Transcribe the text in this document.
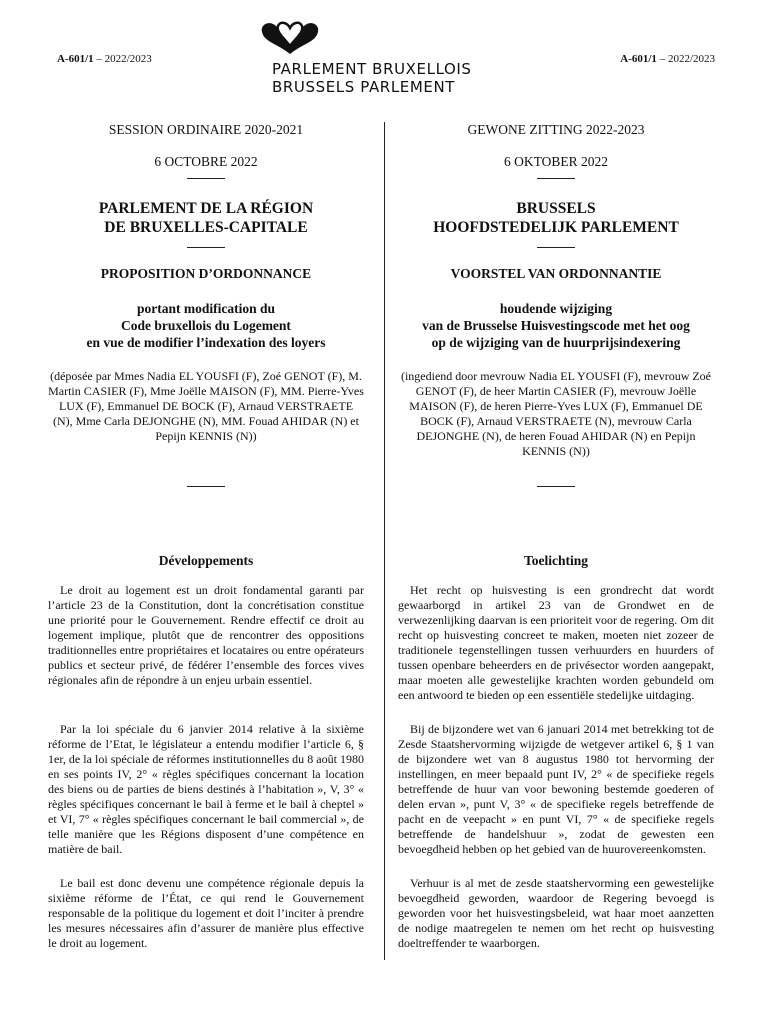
A-601/1 – 2022/2023	A-601/1 – 2022/2023
PARLEMENT BRUXELLOIS
BRUSSELS PARLEMENT
SESSION ORDINAIRE 2020-2021
6 OCTOBRE 2022
PARLEMENT DE LA RÉGION
DE BRUXELLES-CAPITALE
PROPOSITION D’ORDONNANCE
portant modification du
Code bruxellois du Logement
en vue de modifier l’indexation des loyers
(déposée par Mmes Nadia EL YOUSFI (F), Zoé GENOT (F), M. Martin CASIER (F), Mme Joëlle MAISON (F), MM. Pierre-Yves LUX (F), Emmanuel DE BOCK (F), Arnaud VERSTRAETE (N), Mme Carla DEJONGHE (N), MM. Fouad AHIDAR (N) et Pepijn KENNIS (N))
Développements
Le droit au logement est un droit fondamental garanti par l’article 23 de la Constitution, dont la concrétisation constitue une priorité pour le Gouvernement. Rendre effectif ce droit au logement implique, plutôt que de rencontrer des oppositions traditionnelles entre propriétaires et locataires ou entre opérateurs publics et secteur privé, de fédérer l’ensemble des forces vives régionales afin de répondre à un enjeu urbain essentiel.
Par la loi spéciale du 6 janvier 2014 relative à la sixième réforme de l’Etat, le législateur a entendu modifier l’article 6, § 1er, de la loi spéciale de réformes institutionnelles du 8 août 1980 en ses points IV, 2° « règles spécifiques concernant la location des biens ou de parties de biens destinés à l’habitation », V, 3° « règles spécifiques concernant le bail à ferme et le bail à cheptel » et VI, 7° « règles spécifiques concernant le bail commercial », de telle manière que les Régions disposent d’une compétence en matière de bail.
Le bail est donc devenu une compétence régionale depuis la sixième réforme de l’État, ce qui rend le Gouvernement responsable de la politique du logement et doit l’inciter à prendre les mesures nécessaires afin d’assurer de manière plus effective le droit au logement.
GEWONE ZITTING 2022-2023
6 OKTOBER 2022
BRUSSELS
HOOFDSTEDELIJK PARLEMENT
VOORSTEL VAN ORDONNANTIE
houdende wijziging
van de Brusselse Huisvestingscode met het oog
op de wijziging van de huurprijsindexering
(ingediend door mevrouw Nadia EL YOUSFI (F), mevrouw Zoé GENOT (F), de heer Martin CASIER (F), mevrouw Joëlle MAISON (F), de heren Pierre-Yves LUX (F), Emmanuel DE BOCK (F), Arnaud VERSTRAETE (N), mevrouw Carla DEJONGHE (N), de heren Fouad AHIDAR (N) en Pepijn KENNIS (N))
Toelichting
Het recht op huisvesting is een grondrecht dat wordt gewaarborgd in artikel 23 van de Grondwet en de verwezenlijking daarvan is een prioriteit voor de regering. Om dit recht op huisvesting concreet te maken, moeten niet zozeer de traditionele tegenstellingen tussen verhuurders en huurders of tussen openbare beheerders en de privésector worden aangepakt, maar moeten alle gewestelijke krachten worden gebundeld om een antwoord te bieden op een essentiële stedelijke uitdaging.
Bij de bijzondere wet van 6 januari 2014 met betrekking tot de Zesde Staatshervorming wijzigde de wetgever artikel 6, § 1 van de bijzondere wet van 8 augustus 1980 tot hervorming der instellingen, en meer bepaald punt IV, 2° « de specifieke regels betreffende de huur van voor bewoning bestemde goederen of delen ervan », punt V, 3° « de specifieke regels betreffende de pacht en de veepacht » en punt VI, 7° « de specifieke regels betreffende de handelshuur », zodat de gewesten een bevoegdheid hebben op het gebied van de huurovereenkomsten.
Verhuur is al met de zesde staatshervorming een gewestelijke bevoegdheid geworden, waardoor de Regering bevoegd is geworden voor het huisvestingsbeleid, wat haar moet aanzetten de nodige maatregelen te nemen om het recht op huisvesting doeltreffender te waarborgen.
